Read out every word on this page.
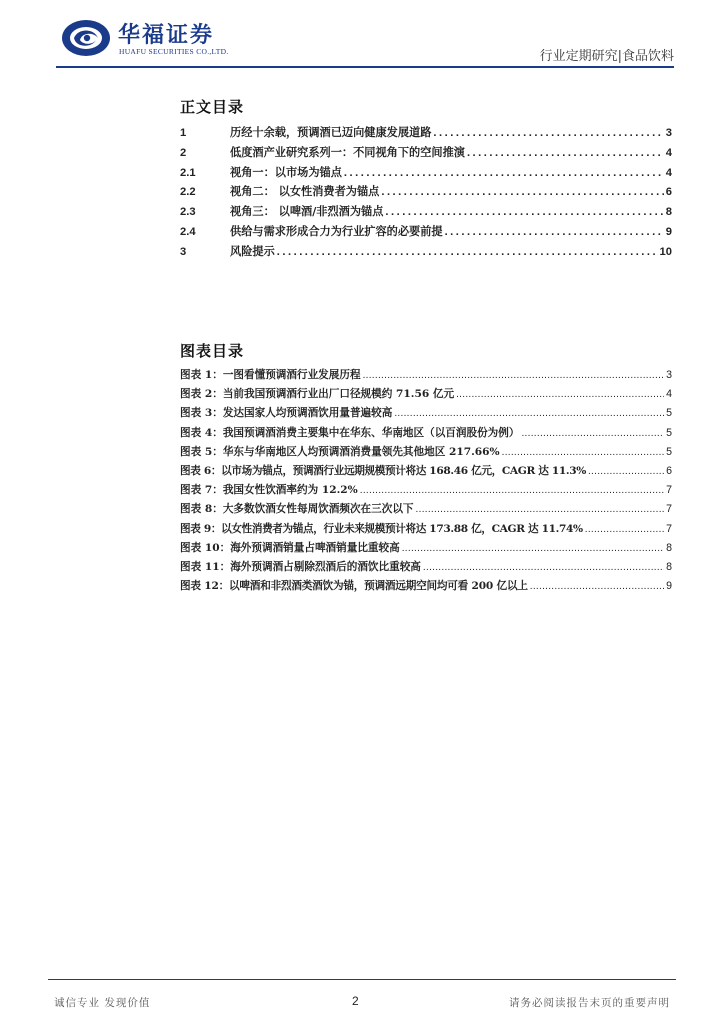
华福证券
HUAFU SECURITIES CO.,LTD.	行业定期研究|食品饮料
正文目录
1	历经十余载，预调酒已迈向健康发展道路 .....	3
2	低度酒产业研究系列一：不同视角下的空间推演 .....	4
2.1	视角一：以市场为锚点 .....	4
2.2	视角二： 以女性消费者为锚点 .....	6
2.3	视角三： 以啤酒/非烈酒为锚点 .....	8
2.4	供给与需求形成合力为行业扩容的必要前提 .....	9
3	风险提示 .....	10
图表目录
图表 1：一图看懂预调酒行业发展历程 .....	3
图表 2：当前我国预调酒行业出厂口径规模约 71.56 亿元 .....	4
图表 3：发达国家人均预调酒饮用量普遍较高 .....	5
图表 4：我国预调酒消费主要集中在华东、华南地区（以百润股份为例） .....	5
图表 5：华东与华南地区人均预调酒消费量领先其他地区 217.66% .....	5
图表 6：以市场为锚点，预调酒行业远期规模预计将达 168.46 亿元，CAGR 达 11.3% .....	6
图表 7：我国女性饮酒率约为 12.2% .....	7
图表 8：大多数饮酒女性每周饮酒频次在三次以下 .....	7
图表 9：以女性消费者为锚点，行业未来规模预计将达 173.88 亿，CAGR 达 11.74% .....	7
图表 10：海外预调酒销量占啤酒销量比重较高 .....	8
图表 11：海外预调酒占剔除烈酒后的酒饮比重较高 .....	8
图表 12：以啤酒和非烈酒类酒饮为锚，预调酒远期空间均可看 200 亿以上 .....	9
诚信专业 发现价值	2	请务必阅读报告末页的重要声明
